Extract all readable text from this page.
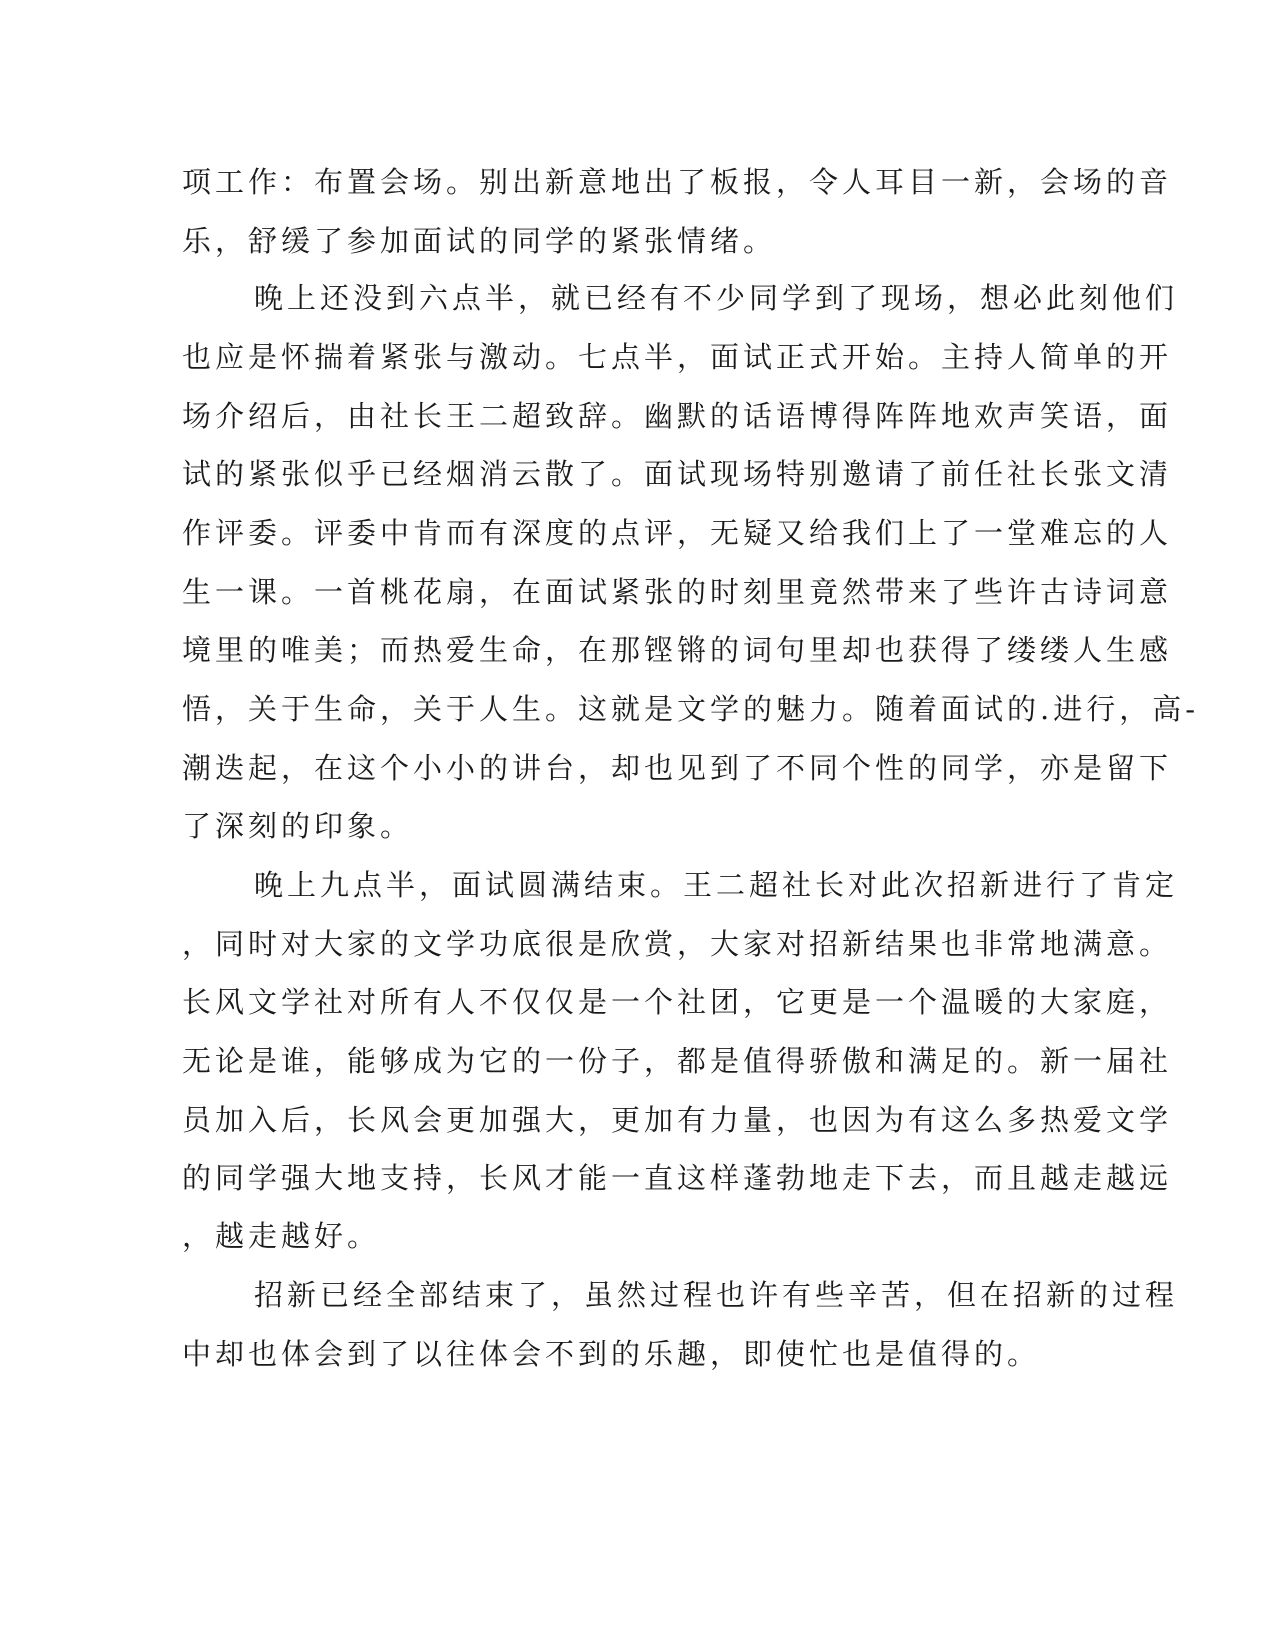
项工作：布置会场。别出新意地出了板报，令人耳目一新，会场的音
乐，舒缓了参加面试的同学的紧张情绪。
晚上还没到六点半，就已经有不少同学到了现场，想必此刻他们
也应是怀揣着紧张与激动。七点半，面试正式开始。主持人简单的开
场介绍后，由社长王二超致辞。幽默的话语博得阵阵地欢声笑语，面
试的紧张似乎已经烟消云散了。面试现场特别邀请了前任社长张文清
作评委。评委中肯而有深度的点评，无疑又给我们上了一堂难忘的人
生一课。一首桃花扇，在面试紧张的时刻里竟然带来了些许古诗词意
境里的唯美；而热爱生命，在那铿锵的词句里却也获得了缕缕人生感
悟，关于生命，关于人生。这就是文学的魅力。随着面试的.进行，高-
潮迭起，在这个小小的讲台，却也见到了不同个性的同学，亦是留下
了深刻的印象。
晚上九点半，面试圆满结束。王二超社长对此次招新进行了肯定
，同时对大家的文学功底很是欣赏，大家对招新结果也非常地满意。
长风文学社对所有人不仅仅是一个社团，它更是一个温暖的大家庭，
无论是谁，能够成为它的一份子，都是值得骄傲和满足的。新一届社
员加入后，长风会更加强大，更加有力量，也因为有这么多热爱文学
的同学强大地支持，长风才能一直这样蓬勃地走下去，而且越走越远
，越走越好。
招新已经全部结束了，虽然过程也许有些辛苦，但在招新的过程
中却也体会到了以往体会不到的乐趣，即使忙也是值得的。
